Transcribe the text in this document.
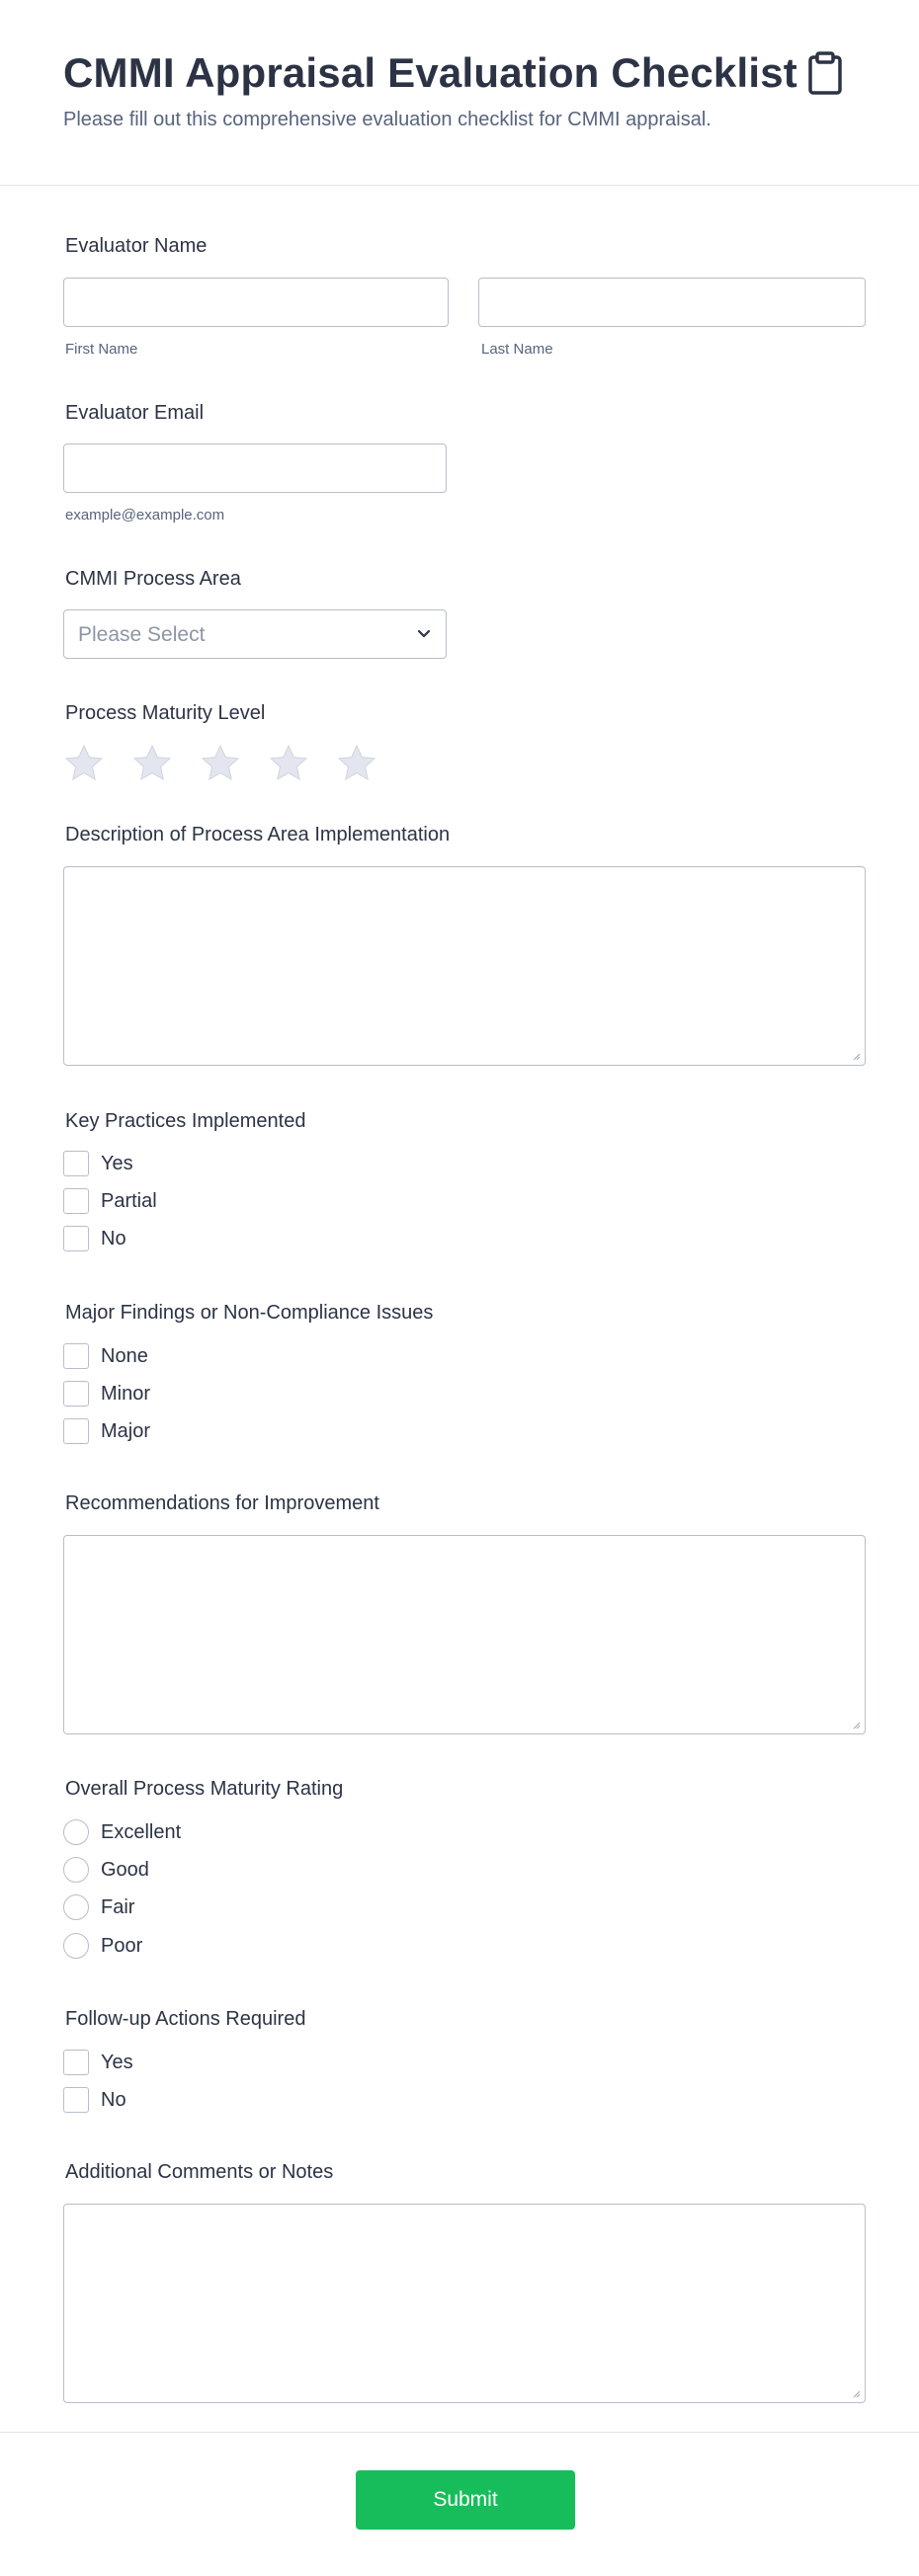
CMMI Appraisal Evaluation Checklist

Please fill out this comprehensive evaluation checklist for CMMI appraisal.

Evaluator Name
First Name	Last Name
Evaluator Email
example@example.com
CMMI Process Area
Please Select
Process Maturity Level
Description of Process Area Implementation
Key Practices Implemented
Yes
Partial
No
Major Findings or Non-Compliance Issues
None
Minor
Major
Recommendations for Improvement
Overall Process Maturity Rating
Excellent
Good
Fair
Poor
Follow-up Actions Required
Yes
No
Additional Comments or Notes
Submit
